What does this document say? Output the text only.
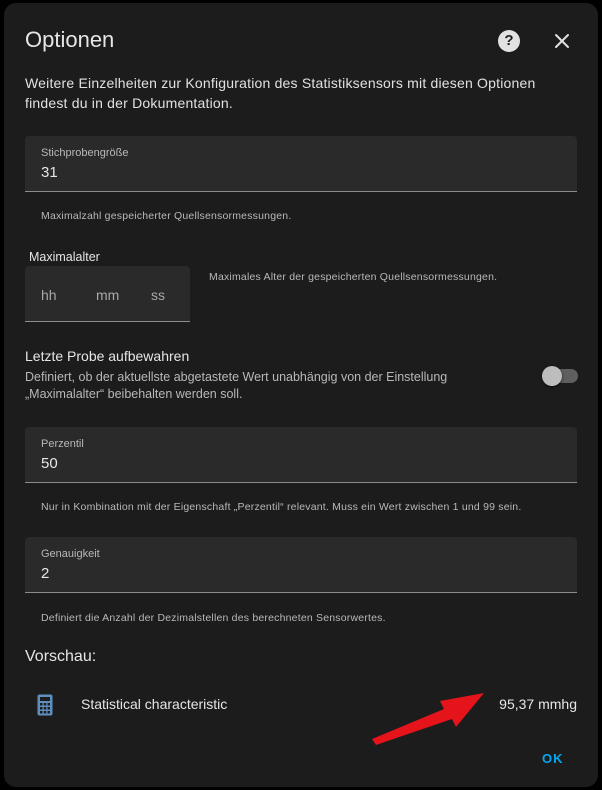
Optionen	?
Weitere Einzelheiten zur Konfiguration des Statistiksensors mit diesen Optionen findest du in der Dokumentation.
Stichprobengröße
31
Maximalzahl gespeicherter Quellsensormessungen.
Maximalalter
hh	mm ss
Maximales Alter der gespeicherten Quellsensormessungen.
Letzte Probe aufbewahren
Definiert, ob der aktuellste abgetastete Wert unabhängig von der Einstellung „Maximalalter“ beibehalten werden soll.
Perzentil
50
Nur in Kombination mit der Eigenschaft „Perzentil“ relevant. Muss ein Wert zwischen 1 und 99 sein.
Genauigkeit
2
Definiert die Anzahl der Dezimalstellen des berechneten Sensorwertes.
Vorschau:
Statistical characteristic	95,37 mmhg
OK
